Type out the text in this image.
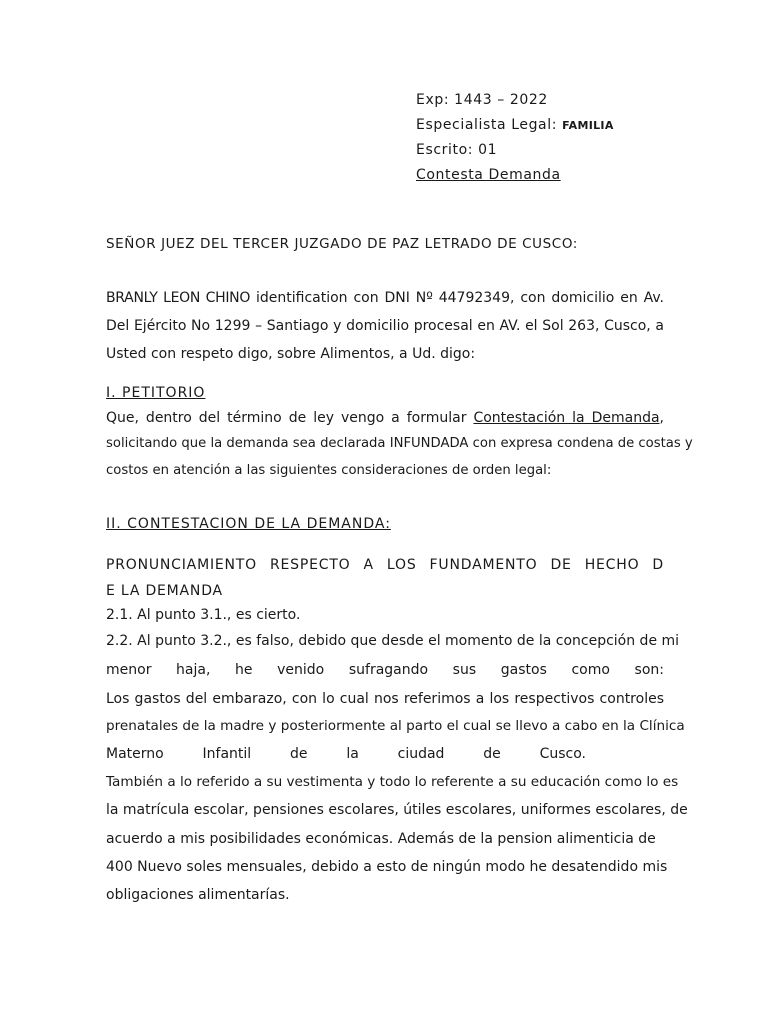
Exp: 1443 – 2022
Especialista Legal: FAMILIA
Escrito: 01
Contesta Demanda
SEÑOR JUEZ DEL TERCER JUZGADO DE PAZ LETRADO DE CUSCO:
BRANLY LEON CHINO identification con DNI Nº 44792349, con domicilio en Av.
Del Ejército No 1299 – Santiago y domicilio procesal en AV. el Sol 263, Cusco, a
Usted con respeto digo, sobre Alimentos, a Ud. digo:
I. PETITORIO
Que, dentro del término de ley vengo a formular Contestación la Demanda,
solicitando que la demanda sea declarada INFUNDADA con expresa condena de costas y
costos en atención a las siguientes consideraciones de orden legal:
II. CONTESTACION DE LA DEMANDA:
PRONUNCIAMIENTO RESPECTO A LOS FUNDAMENTO DE HECHO D
E LA DEMANDA
2.1. Al punto 3.1., es cierto.
2.2. Al punto 3.2., es falso, debido que desde el momento de la concepción de mi
menor haja, he venido sufragando sus gastos como son:
Los gastos del embarazo, con lo cual nos referimos a los respectivos controles
prenatales de la madre y posteriormente al parto el cual se llevo a cabo en la Clínica
Materno Infantil de la ciudad de Cusco.
También a lo referido a su vestimenta y todo lo referente a su educación como lo es
la matrícula escolar, pensiones escolares, útiles escolares, uniformes escolares, de
acuerdo a mis posibilidades económicas. Además de la pension alimenticia de
400 Nuevo soles mensuales, debido a esto de ningún modo he desatendido mis
obligaciones alimentarías.
